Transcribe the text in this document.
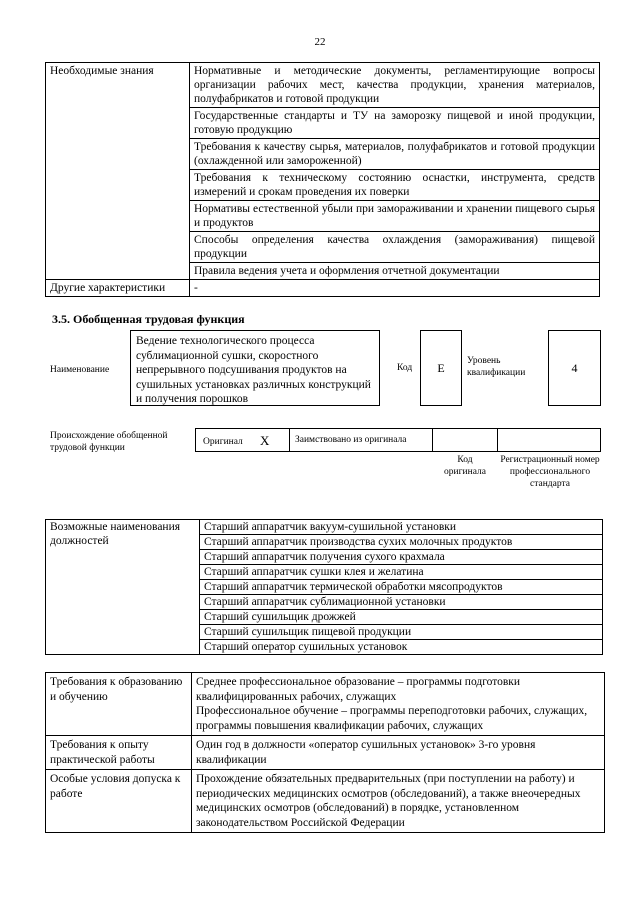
22
Необходимые знания	Нормативные и методические документы, регламентирующие вопросы организации рабочих мест, качества продукции, хранения материалов, полуфабрикатов и готовой продукции
	Государственные стандарты и ТУ на заморозку пищевой и иной продукции, готовую продукцию
	Требования к качеству сырья, материалов, полуфабрикатов и готовой продукции (охлажденной или замороженной)
	Требования к техническому состоянию оснастки, инструмента, средств измерений и срокам проведения их поверки
	Нормативы естественной убыли при замораживании и хранении пищевого сырья и продуктов
	Способы определения качества охлаждения (замораживания) пищевой продукции
	Правила ведения учета и оформления отчетной документации
Другие характеристики	-
3.5. Обобщенная трудовая функция
Наименование
Ведение технологического процесса сублимационной сушки, скоростного непрерывного подсушивания продуктов на сушильных установках различных конструкций и получения порошков
Код	E	Уровень квалификации	4
Происхождение обобщенной трудовой функции
Оригинал X	Заимствовано из оригинала
Код оригинала
Регистрационный номер профессионального стандарта
Возможные наименования должностей	Старший аппаратчик вакуум-сушильной установки
Старший аппаратчик производства сухих молочных продуктов
Старший аппаратчик получения сухого крахмала
Старший аппаратчик сушки клея и желатина
Старший аппаратчик термической обработки мясопродуктов
Старший аппаратчик сублимационной установки
Старший сушильщик дрожжей
Старший сушильщик пищевой продукции
Старший оператор сушильных установок
Требования к образованию и обучению	Среднее профессиональное образование – программы подготовки квалифицированных рабочих, служащих
Профессиональное обучение – программы переподготовки рабочих, служащих, программы повышения квалификации рабочих, служащих

Требования к опыту практической работы	Один год в должности «оператор сушильных установок» 3-го уровня квалификации
Особые условия допуска к работе	Прохождение обязательных предварительных (при поступлении на работу) и периодических медицинских осмотров (обследований), а также внеочередных медицинских осмотров (обследований) в порядке, установленном законодательством Российской Федерации
